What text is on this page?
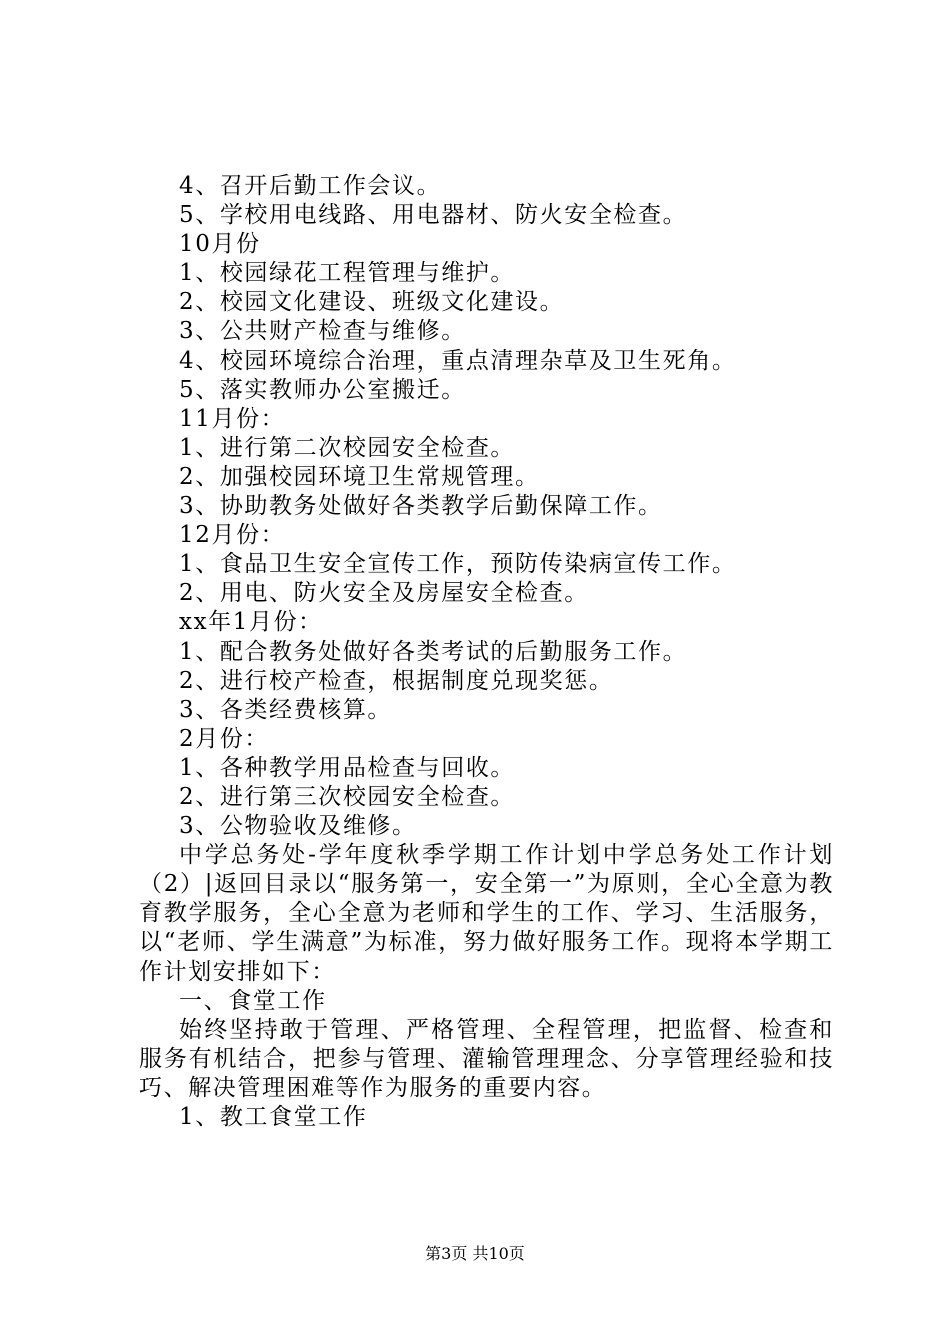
4、召开后勤工作会议。
5、学校用电线路、用电器材、防火安全检查。
10月份
1、校园绿花工程管理与维护。
2、校园文化建设、班级文化建设。
3、公共财产检查与维修。
4、校园环境综合治理，重点清理杂草及卫生死角。
5、落实教师办公室搬迁。
11月份：
1、进行第二次校园安全检查。
2、加强校园环境卫生常规管理。
3、协助教务处做好各类教学后勤保障工作。
12月份：
1、食品卫生安全宣传工作，预防传染病宣传工作。
2、用电、防火安全及房屋安全检查。
xx年1月份：
1、配合教务处做好各类考试的后勤服务工作。
2、进行校产检查，根据制度兑现奖惩。
3、各类经费核算。
2月份：
1、各种教学用品检查与回收。
2、进行第三次校园安全检查。
3、公物验收及维修。

中学总务处-学年度秋季学期工作计划中学总务处工作计划（2）|返回目录以“服务第一，安全第一”为原则，全心全意为教育教学服务，全心全意为老师和学生的工作、学习、生活服务，以“老师、学生满意”为标准，努力做好服务工作。现将本学期工作计划安排如下：

一、食堂工作

始终坚持敢于管理、严格管理、全程管理，把监督、检查和服务有机结合，把参与管理、灌输管理理念、分享管理经验和技巧、解决管理困难等作为服务的重要内容。

1、教工食堂工作

第3页 共10页
